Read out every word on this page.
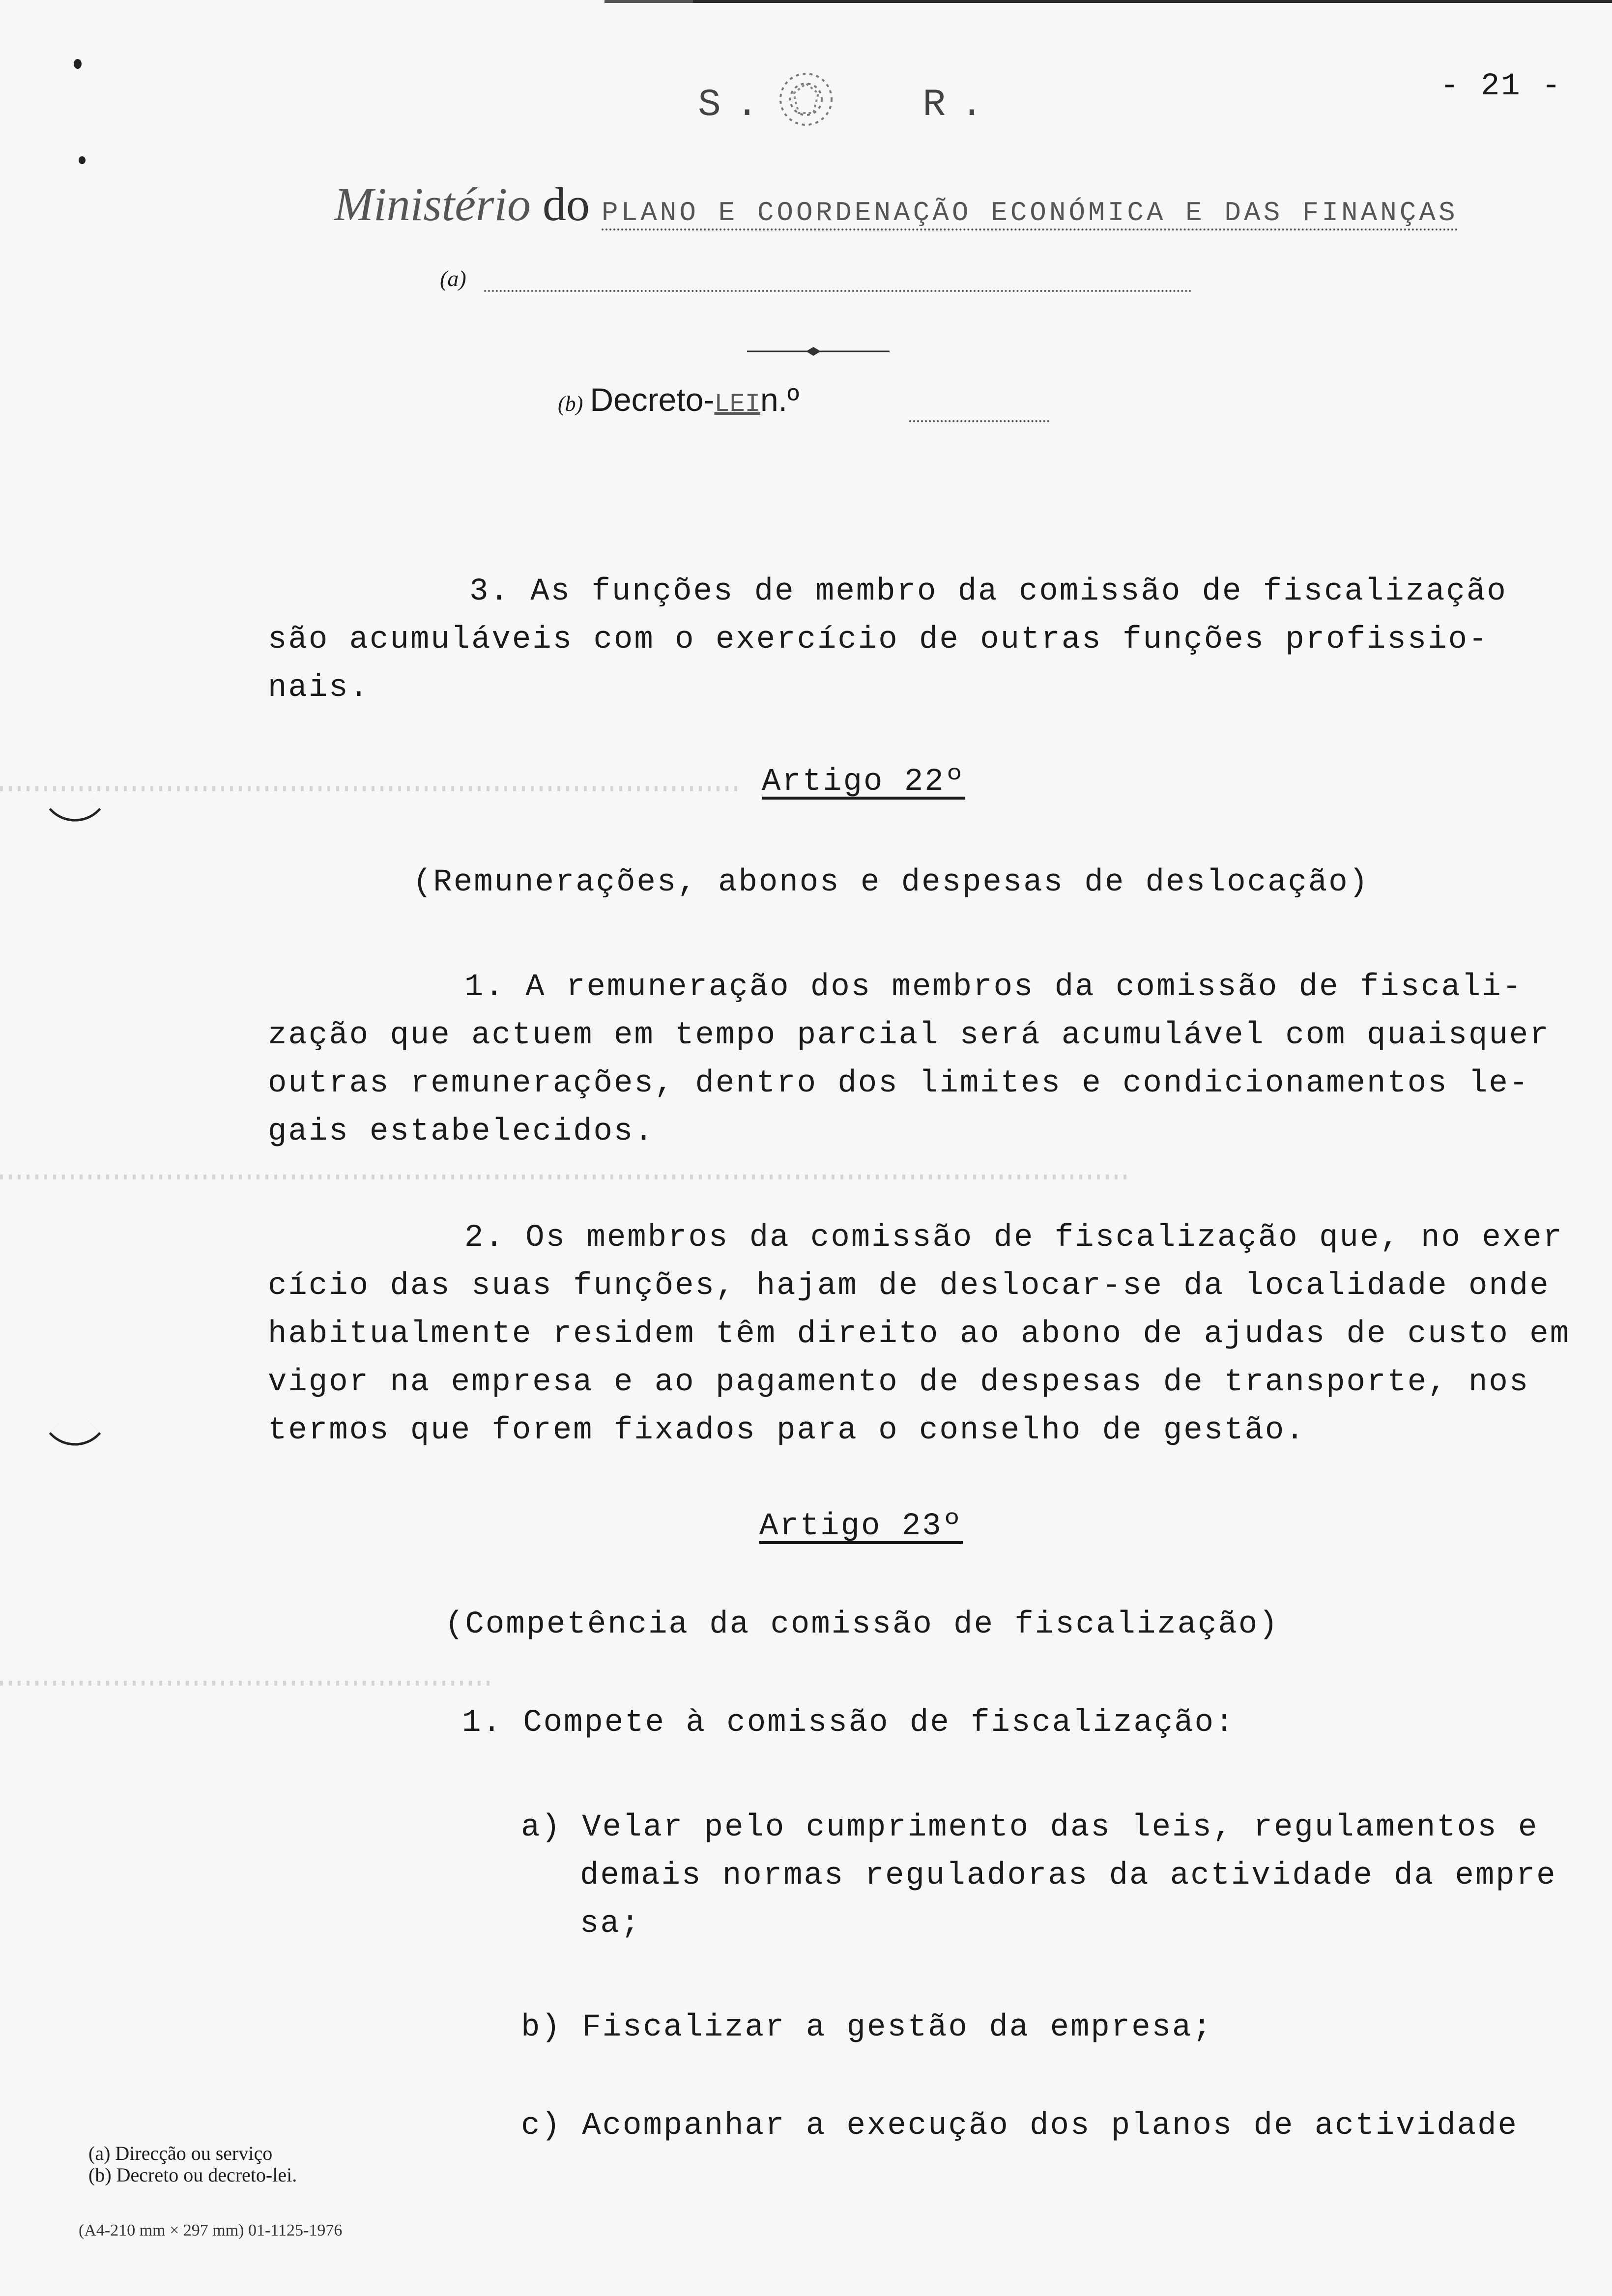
S.	R.	- 21 -
Ministério do PLANO E COORDENAÇÃO ECONÓMICA E DAS FINANÇAS
(a)
(b) Decreto-LEIn.º
3. As funções de membro da comissão de fiscalização
são acumuláveis com o exercício de outras funções profissio-
nais.
Artigo 22º
(Remunerações, abonos e despesas de deslocação)
1. A remuneração dos membros da comissão de fiscali-
zação que actuem em tempo parcial será acumulável com quaisquer
outras remunerações, dentro dos limites e condicionamentos le-
gais estabelecidos.
2. Os membros da comissão de fiscalização que, no exer
cício das suas funções, hajam de deslocar-se da localidade onde
habitualmente residem têm direito ao abono de ajudas de custo em
vigor na empresa e ao pagamento de despesas de transporte, nos
termos que forem fixados para o conselho de gestão.
Artigo 23º
(Competência da comissão de fiscalização)
1. Compete à comissão de fiscalização:
a) Velar pelo cumprimento das leis, regulamentos e
demais normas reguladoras da actividade da empre
sa;
b) Fiscalizar a gestão da empresa;
c) Acompanhar a execução dos planos de actividade
(a) Direcção ou serviço
(b) Decreto ou decreto-lei.
(A4-210 mm × 297 mm) 01-1125-1976
